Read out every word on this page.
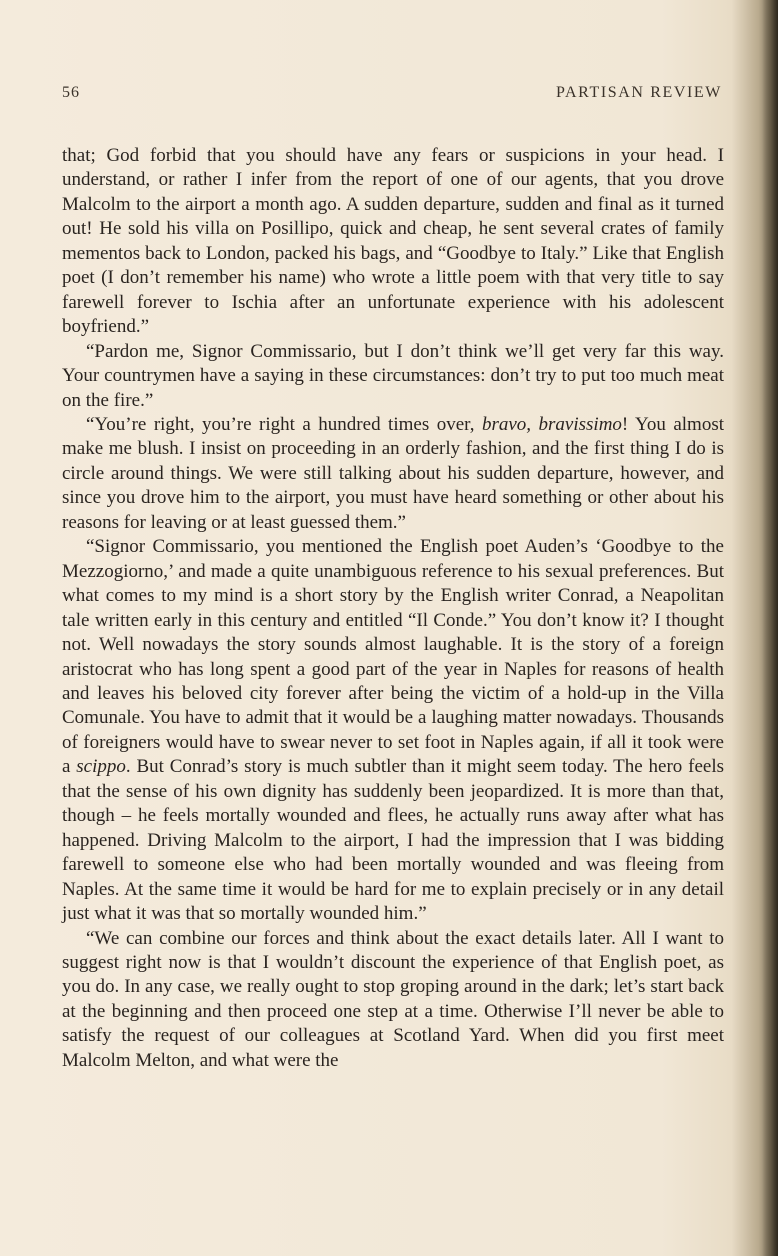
56	PARTISAN REVIEW

that; God forbid that you should have any fears or suspicions in your head. I understand, or rather I infer from the report of one of our agents, that you drove Malcolm to the airport a month ago. A sudden departure, sudden and final as it turned out! He sold his villa on Posillipo, quick and cheap, he sent several crates of family mementos back to London, packed his bags, and “Goodbye to Italy.” Like that English poet (I don’t remember his name) who wrote a little poem with that very title to say farewell forever to Ischia after an unfortunate experience with his adolescent boyfriend.”

“Pardon me, Signor Commissario, but I don’t think we’ll get very far this way. Your countrymen have a saying in these circumstances: don’t try to put too much meat on the fire.”

“You’re right, you’re right a hundred times over, bravo, bravissimo! You almost make me blush. I insist on proceeding in an orderly fashion, and the first thing I do is circle around things. We were still talking about his sudden departure, however, and since you drove him to the airport, you must have heard something or other about his reasons for leaving or at least guessed them.”

“Signor Commissario, you mentioned the English poet Auden’s ‘Goodbye to the Mezzogiorno,’ and made a quite unambiguous reference to his sexual preferences. But what comes to my mind is a short story by the English writer Conrad, a Neapolitan tale written early in this century and entitled “Il Conde.” You don’t know it? I thought not. Well nowadays the story sounds almost laughable. It is the story of a foreign aristocrat who has long spent a good part of the year in Naples for reasons of health and leaves his beloved city forever after being the victim of a hold-up in the Villa Comunale. You have to admit that it would be a laughing matter nowadays. Thousands of foreigners would have to swear never to set foot in Naples again, if all it took were a scippo. But Conrad’s story is much subtler than it might seem today. The hero feels that the sense of his own dignity has suddenly been jeopardized. It is more than that, though – he feels mortally wounded and flees, he actually runs away after what has happened. Driving Malcolm to the airport, I had the impression that I was bidding farewell to someone else who had been mortally wounded and was fleeing from Naples. At the same time it would be hard for me to explain precisely or in any detail just what it was that so mortally wounded him.”

“We can combine our forces and think about the exact details later. All I want to suggest right now is that I wouldn’t discount the experience of that English poet, as you do. In any case, we really ought to stop groping around in the dark; let’s start back at the beginning and then proceed one step at a time. Otherwise I’ll never be able to satisfy the request of our colleagues at Scotland Yard. When did you first meet Malcolm Melton, and what were the
